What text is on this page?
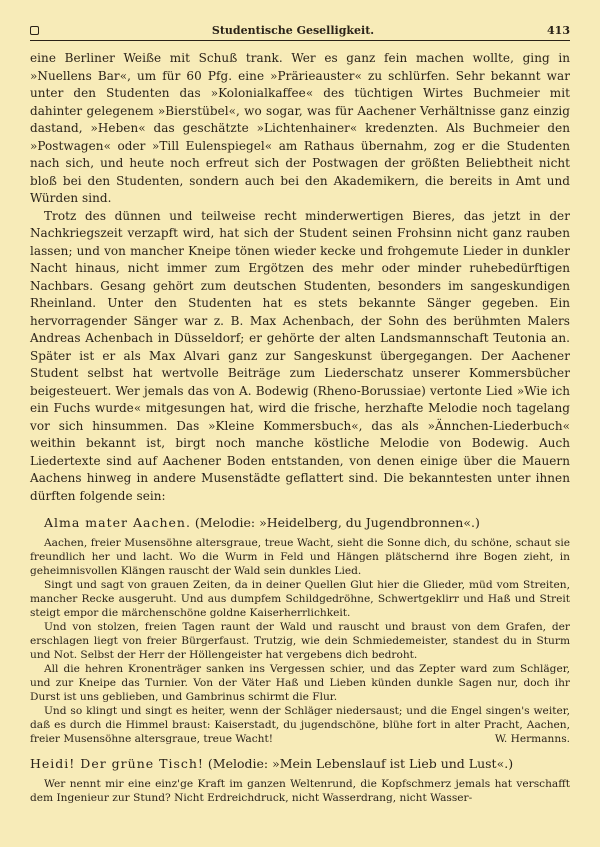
Studentische Geselligkeit.	413

eine Berliner Weiße mit Schuß trank. Wer es ganz fein machen wollte, ging in »Nuellens Bar«, um für 60 Pfg. eine »Prärieauster« zu schlürfen. Sehr bekannt war unter den Studenten das »Kolonialkaffee« des tüchtigen Wirtes Buchmeier mit dahinter gelegenem »Bierstübel«, wo sogar, was für Aachener Verhältnisse ganz einzig dastand, »Heben« das geschätzte »Lichtenhainer« kredenzten. Als Buchmeier den »Postwagen« oder »Till Eulenspiegel« am Rathaus übernahm, zog er die Studenten nach sich, und heute noch erfreut sich der Postwagen der größten Beliebtheit nicht bloß bei den Studenten, sondern auch bei den Akademikern, die bereits in Amt und Würden sind.

Trotz des dünnen und teilweise recht minderwertigen Bieres, das jetzt in der Nachkriegszeit verzapft wird, hat sich der Student seinen Frohsinn nicht ganz rauben lassen; und von mancher Kneipe tönen wieder kecke und frohgemute Lieder in dunkler Nacht hinaus, nicht immer zum Ergötzen des mehr oder minder ruhebedürftigen Nachbars. Gesang gehört zum deutschen Studenten, besonders im sangeskundigen Rheinland. Unter den Studenten hat es stets bekannte Sänger gegeben. Ein hervorragender Sänger war z. B. Max Achenbach, der Sohn des berühmten Malers Andreas Achenbach in Düsseldorf; er gehörte der alten Landsmannschaft Teutonia an. Später ist er als Max Alvari ganz zur Sangeskunst übergegangen. Der Aachener Student selbst hat wertvolle Beiträge zum Liederschatz unserer Kommersbücher beigesteuert. Wer jemals das von A. Bodewig (Rheno-Borussiae) vertonte Lied »Wie ich ein Fuchs wurde« mitgesungen hat, wird die frische, herzhafte Melodie noch tagelang vor sich hinsummen. Das »Kleine Kommersbuch«, das als »Ännchen-Liederbuch« weithin bekannt ist, birgt noch manche köstliche Melodie von Bodewig. Auch Liedertexte sind auf Aachener Boden entstanden, von denen einige über die Mauern Aachens hinweg in andere Musenstädte geflattert sind. Die bekanntesten unter ihnen dürften folgende sein:

Alma mater Aachen. (Melodie: »Heidelberg, du Jugendbronnen«.)

Aachen, freier Musensöhne altersgraue, treue Wacht, sieht die Sonne dich, du schöne, schaut sie freundlich her und lacht. Wo die Wurm in Feld und Hängen plätschernd ihre Bogen zieht, in geheimnisvollen Klängen rauscht der Wald sein dunkles Lied.

Singt und sagt von grauen Zeiten, da in deiner Quellen Glut hier die Glieder, müd vom Streiten, mancher Recke ausgeruht. Und aus dumpfem Schildgedröhne, Schwertgeklirr und Haß und Streit steigt empor die märchenschöne goldne Kaiserherrlichkeit.

Und von stolzen, freien Tagen raunt der Wald und rauscht und braust von dem Grafen, der erschlagen liegt von freier Bürgerfaust. Trutzig, wie dein Schmiedemeister, standest du in Sturm und Not. Selbst der Herr der Höllengeister hat vergebens dich bedroht.

All die hehren Kronenträger sanken ins Vergessen schier, und das Zepter ward zum Schläger, und zur Kneipe das Turnier. Von der Väter Haß und Lieben künden dunkle Sagen nur, doch ihr Durst ist uns geblieben, und Gambrinus schirmt die Flur.

Und so klingt und singt es heiter, wenn der Schläger niedersaust; und die Engel singen's weiter, daß es durch die Himmel braust: Kaiserstadt, du jugendschöne, blühe fort in alter Pracht, Aachen, freier Musensöhne altersgraue, treue Wacht!	W. Hermanns.

Heidi! Der grüne Tisch! (Melodie: »Mein Lebenslauf ist Lieb und Lust«.)

Wer nennt mir eine einz'ge Kraft im ganzen Weltenrund, die Kopfschmerz jemals hat verschafft dem Ingenieur zur Stund? Nicht Erdreichdruck, nicht Wasserdrang, nicht Wasser-
